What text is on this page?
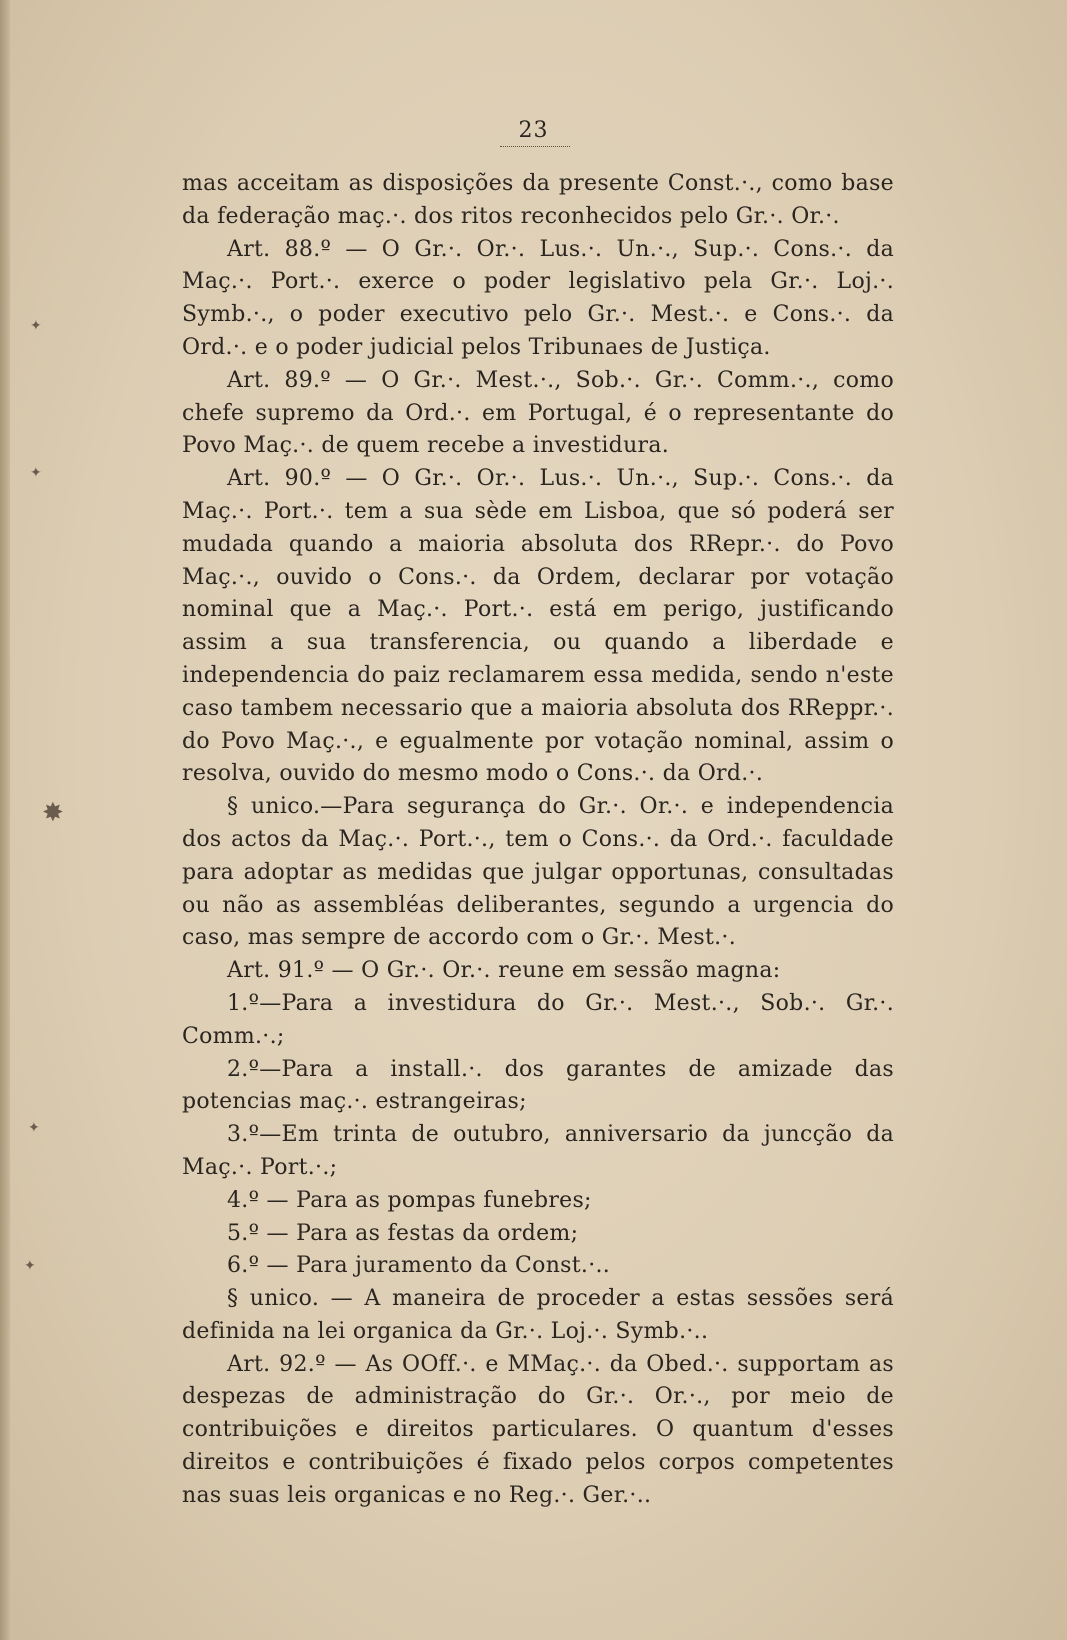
23

mas acceitam as disposições da presente Const.·., como base da federação maç.·. dos ritos reconhecidos pelo Gr.·. Or.·.

Art. 88.º — O Gr.·. Or.·. Lus.·. Un.·., Sup.·. Cons.·. da Maç.·. Port.·. exerce o poder legislativo pela Gr.·. Loj.·. Symb.·., o poder executivo pelo Gr.·. Mest.·. e Cons.·. da Ord.·. e o poder judicial pelos Tribunaes de Justiça.

Art. 89.º — O Gr.·. Mest.·., Sob.·. Gr.·. Comm.·., como chefe supremo da Ord.·. em Portugal, é o representante do Povo Maç.·. de quem recebe a investidura.

Art. 90.º — O Gr.·. Or.·. Lus.·. Un.·., Sup.·. Cons.·. da Maç.·. Port.·. tem a sua sède em Lisboa, que só poderá ser mudada quando a maioria absoluta dos RRepr.·. do Povo Maç.·., ouvido o Cons.·. da Ordem, declarar por votação nominal que a Maç.·. Port.·. está em perigo, justificando assim a sua transferencia, ou quando a liberdade e independencia do paiz reclamarem essa medida, sendo n'este caso tambem necessario que a maioria absoluta dos RReppr.·. do Povo Maç.·., e egualmente por votação nominal, assim o resolva, ouvido do mesmo modo o Cons.·. da Ord.·.

§ unico.—Para segurança do Gr.·. Or.·. e independencia dos actos da Maç.·. Port.·., tem o Cons.·. da Ord.·. faculdade para adoptar as medidas que julgar opportunas, consultadas ou não as assembléas deliberantes, segundo a urgencia do caso, mas sempre de accordo com o Gr.·. Mest.·.

Art. 91.º — O Gr.·. Or.·. reune em sessão magna:

1.º—Para a investidura do Gr.·. Mest.·., Sob.·. Gr.·. Comm.·.;

2.º—Para a install.·. dos garantes de amizade das potencias maç.·. estrangeiras;

3.º—Em trinta de outubro, anniversario da juncção da Maç.·. Port.·.;

4.º — Para as pompas funebres;

5.º — Para as festas da ordem;

6.º — Para juramento da Const.·..

§ unico. — A maneira de proceder a estas sessões será definida na lei organica da Gr.·. Loj.·. Symb.·..

Art. 92.º — As OOff.·. e MMaç.·. da Obed.·. supportam as despezas de administração do Gr.·. Or.·., por meio de contribuições e direitos particulares. O quantum d'esses direitos e contribuições é fixado pelos corpos competentes nas suas leis organicas e no Reg.·. Ger.·..

✦
✦
✸
✦
✦
